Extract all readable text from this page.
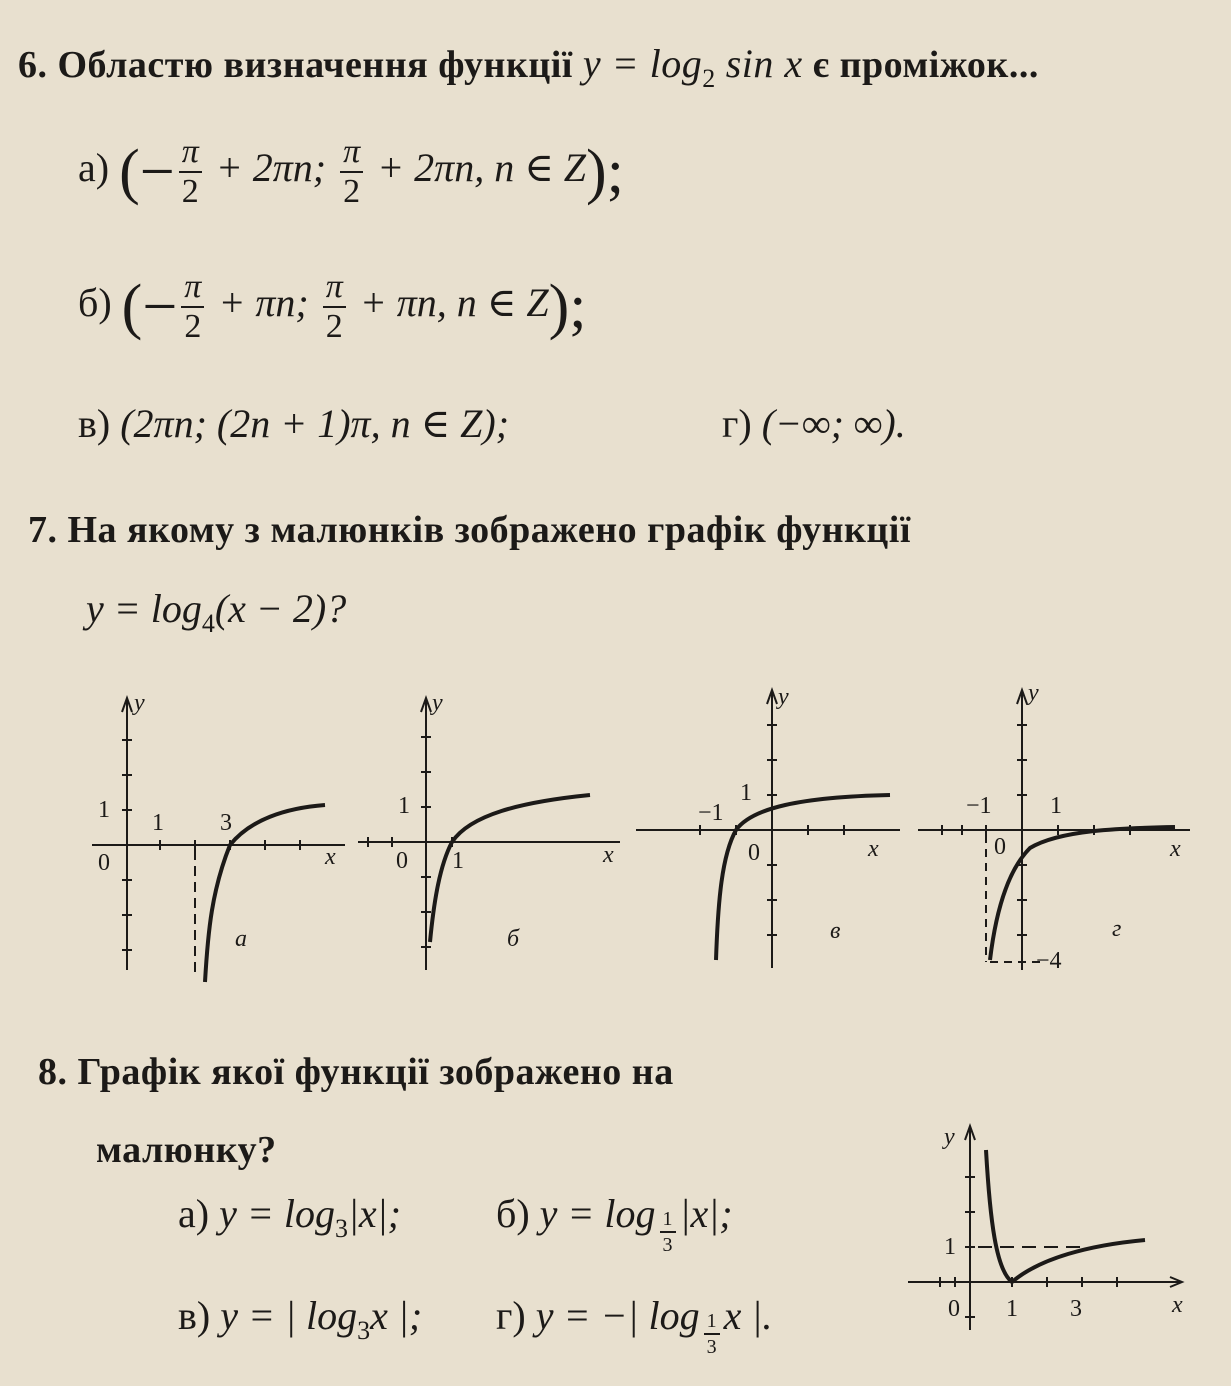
6. Областю визначення функції $y = \log_2 \sin x$ є проміжок...
а) (− $\frac{\pi}{2} + 2\pi n$; $\frac{\pi}{2} + 2\pi n$, n ∈ Z);
б) (− $\frac{\pi}{2} + \pi n$; $\frac{\pi}{2} + \pi n$, n ∈ Z);
в) (2πn; (2n + 1)π, n ∈ Z);	г) (−∞; ∞).
7. На якому з малюнків зображено графік функції
$y = \log_4(x - 2)$?
y
x
0
1 1 3
а
y
x
0
1
1
б
y
x
0
−1
1
в
y
x
0
−1 1
−4
г
8. Графік якої функції зображено на
малюнку?
а) $y = \log_3|x|$; б) $y = \log \frac{1}{3} |x|$;
в) y = | $\log_3x$ |; г) y = −| $\log \frac{1}{3}$ x |.
y
x
0
1
1 3
